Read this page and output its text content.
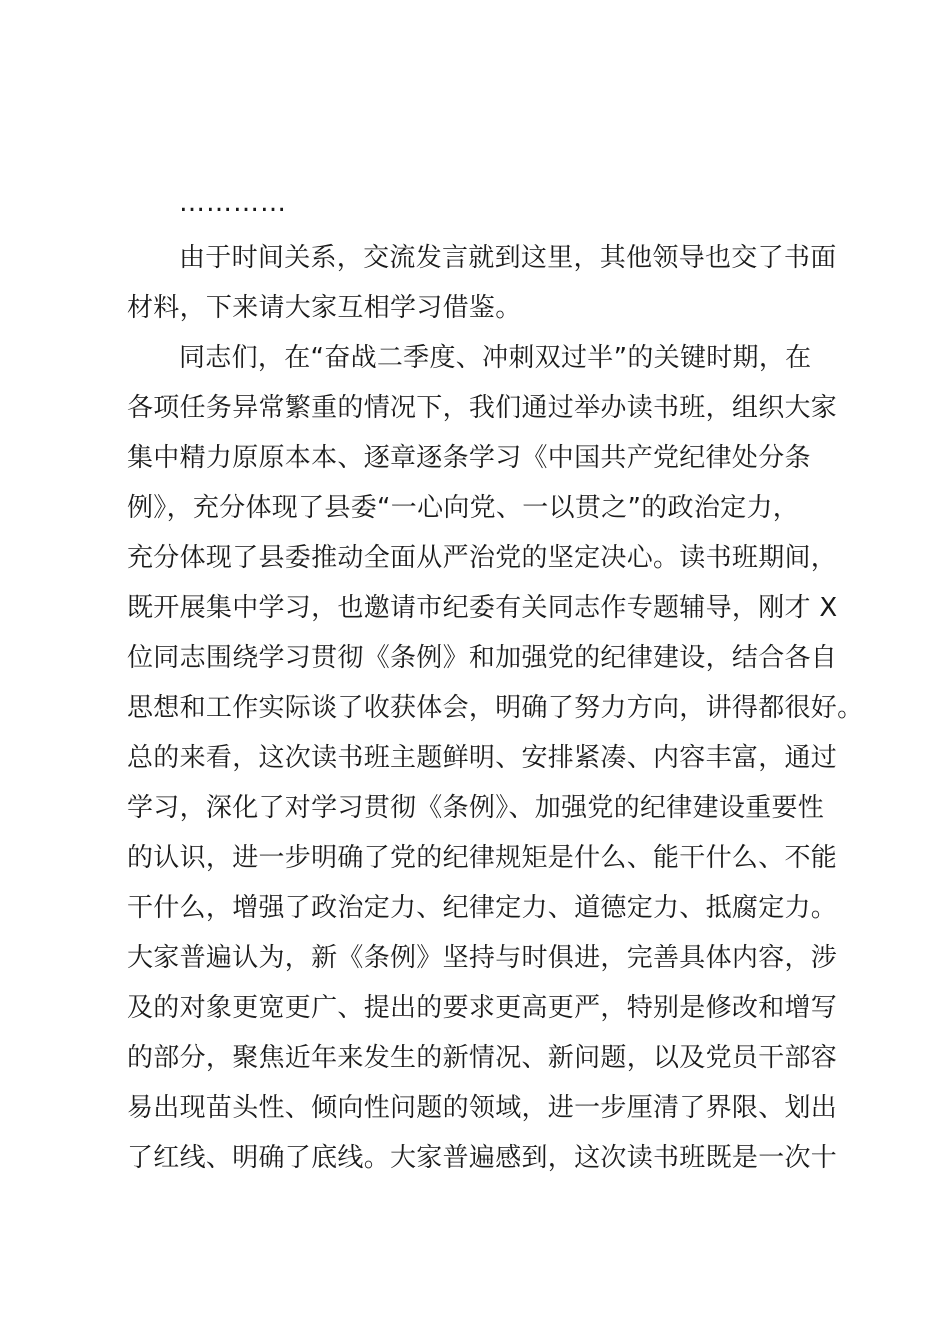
…………
由于时间关系，交流发言就到这里，其他领导也交了书面
材料，下来请大家互相学习借鉴。
同志们，在“奋战二季度、冲刺双过半”的关键时期，在
各项任务异常繁重的情况下，我们通过举办读书班，组织大家
集中精力原原本本、逐章逐条学习《中国共产党纪律处分条
例》，充分体现了县委“一心向党、一以贯之”的政治定力，
充分体现了县委推动全面从严治党的坚定决心。读书班期间，
既开展集中学习，也邀请市纪委有关同志作专题辅导，刚才 X
位同志围绕学习贯彻《条例》和加强党的纪律建设，结合各自
思想和工作实际谈了收获体会，明确了努力方向，讲得都很好。
总的来看，这次读书班主题鲜明、安排紧凑、内容丰富，通过
学习，深化了对学习贯彻《条例》、加强党的纪律建设重要性
的认识，进一步明确了党的纪律规矩是什么、能干什么、不能
干什么，增强了政治定力、纪律定力、道德定力、抵腐定力。
大家普遍认为，新《条例》坚持与时俱进，完善具体内容，涉
及的对象更宽更广、提出的要求更高更严，特别是修改和增写
的部分，聚焦近年来发生的新情况、新问题，以及党员干部容
易出现苗头性、倾向性问题的领域，进一步厘清了界限、划出
了红线、明确了底线。大家普遍感到，这次读书班既是一次十
